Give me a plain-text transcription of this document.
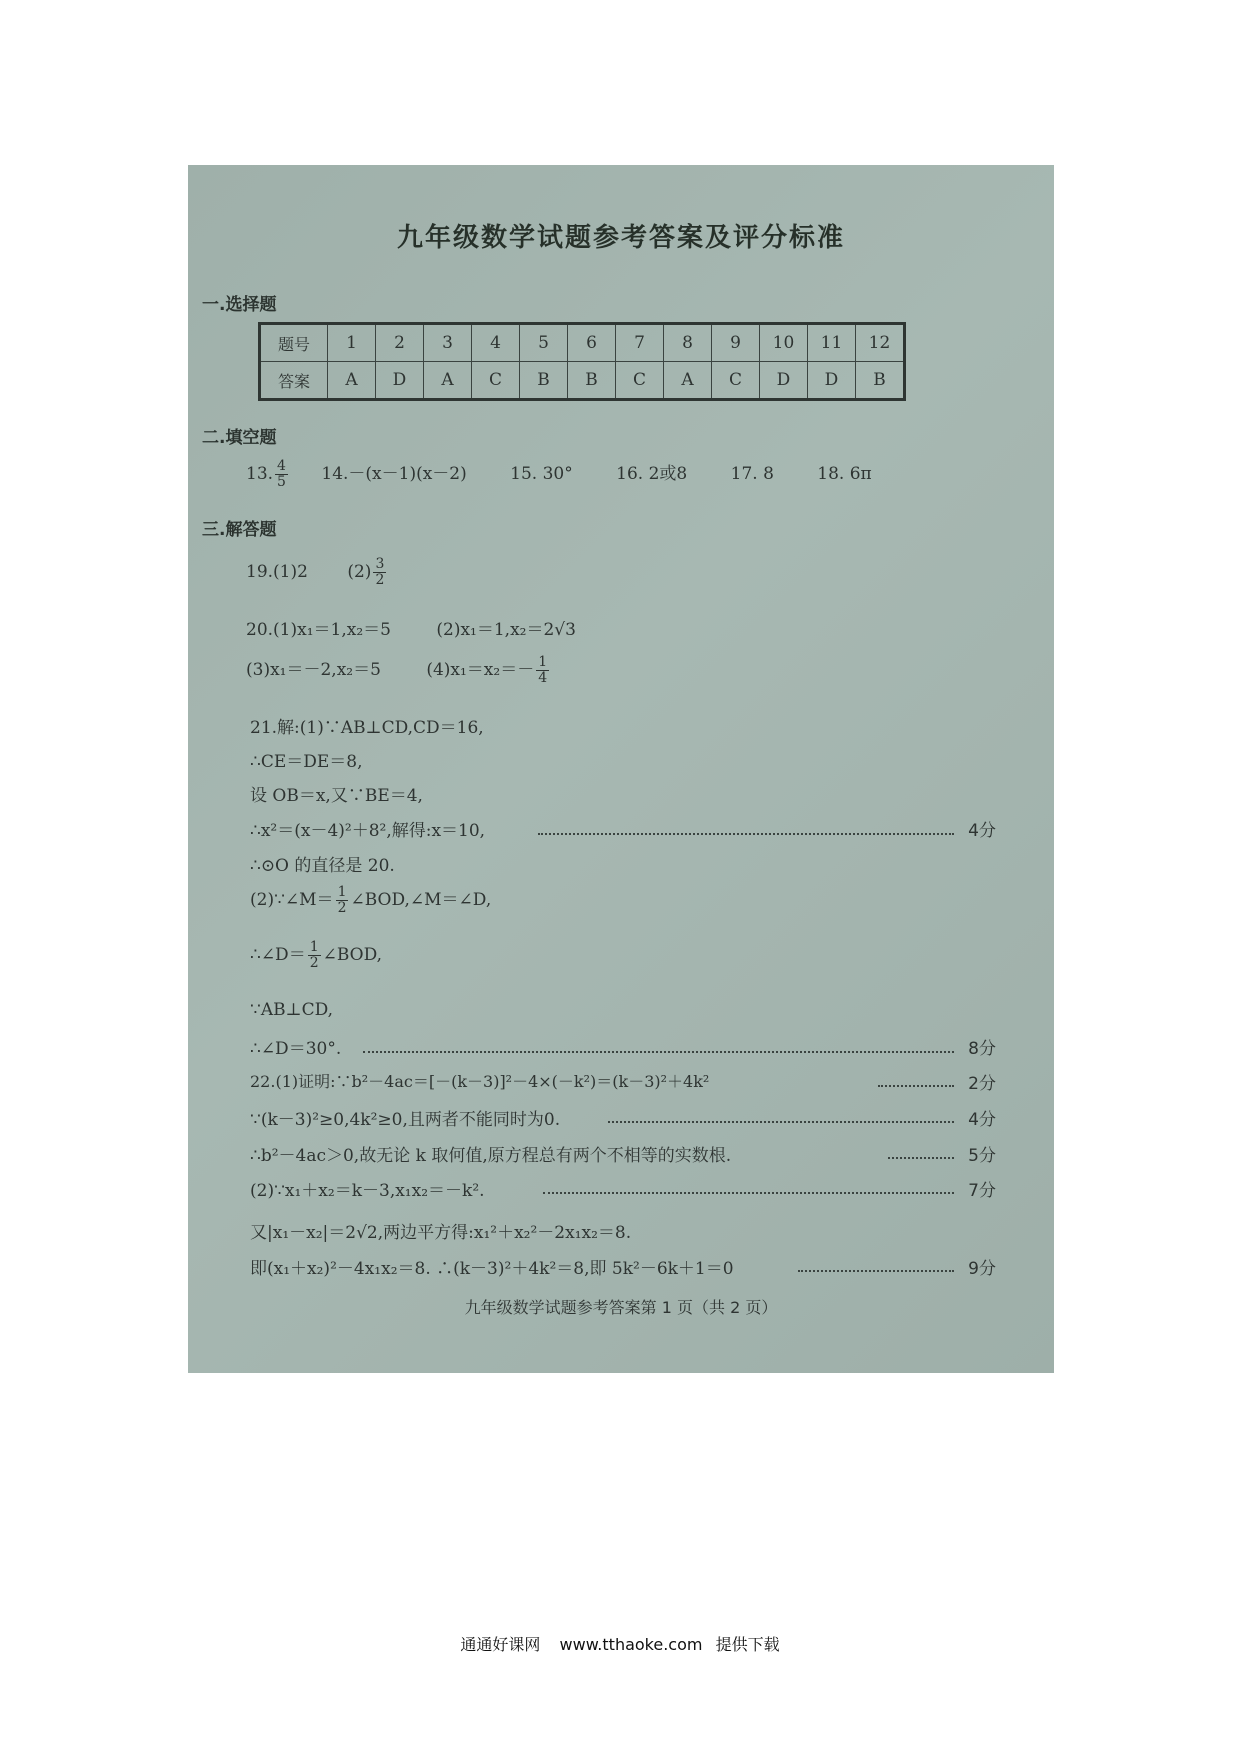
九年级数学试题参考答案及评分标准
一.选择题
题号	1	2	3	4	5	6	7	8	9	10	11	12
答案	A	D	A	C	B	B	C	A	C	D	D	B
二.填空题
13. $\frac{4}{5} 14.-(x-1)(x-2)$	15. 30°	16. 2或8	17. 8	18. 6π
三.解答题
19.(1)2 $(2) \frac{3}{2}$
20.(1)x₁＝1,x₂＝5	(2)x₁＝1,x₂＝2√3
(3)x₁＝－2,x₂＝5	$(4)x_1=x_2=- \frac{1}{4}$
21.解:(1)∵AB⊥CD,CD＝16,
∴CE＝DE＝8,
设 OB＝x,又∵BE＝4,
∴x²＝(x－4)²＋8²,解得:x＝10,	4分
∴⊙O 的直径是 20.
(2)∵∠M＝ $\frac{1}{2}$ ∠BOD,∠M＝∠D,
∴∠D＝ $\frac{1}{2}$ ∠BOD,
∵AB⊥CD,
∴∠D＝30°.	8分
22.(1)证明:∵b²－4ac＝[－(k－3)]²－4×(－k²)＝(k－3)²＋4k²	2分
∵(k－3)²≥0,4k²≥0,且两者不能同时为0.	4分
∴b²－4ac＞0,故无论 k 取何值,原方程总有两个不相等的实数根.	5分
(2)∵x₁＋x₂＝k－3,x₁x₂＝－k².	7分
又|x₁－x₂|＝2√2,两边平方得:x₁²＋x₂²－2x₁x₂＝8.
即(x₁＋x₂)²－4x₁x₂＝8. ∴(k－3)²＋4k²＝8,即 5k²－6k＋1＝0	9分
九年级数学试题参考答案第 1 页（共 2 页）
通通好课网 www.tthaoke.com 提供下载
